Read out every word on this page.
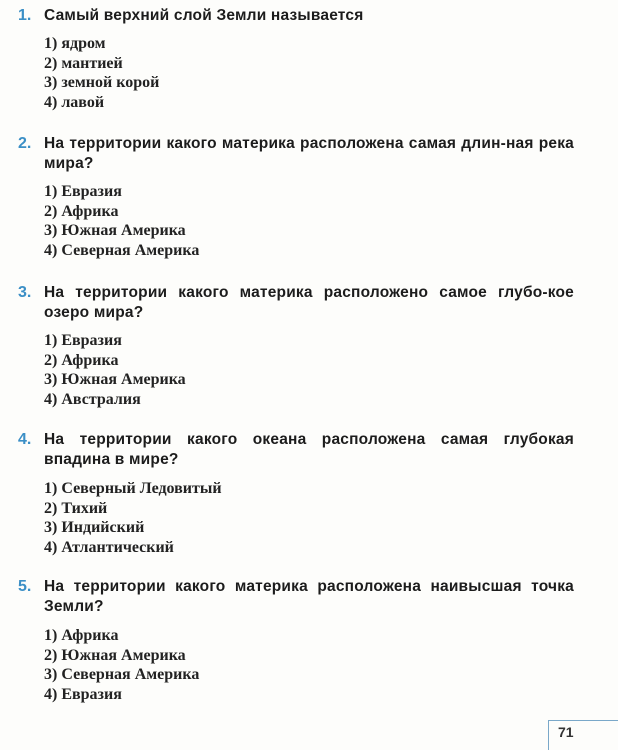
1. Самый верхний слой Земли называется
1) ядром
2) мантией
3) земной корой
4) лавой
2. На территории какого материка расположена самая длин-ная река мира?
1) Евразия
2) Африка
3) Южная Америка
4) Северная Америка
3. На территории какого материка расположено самое глубо-кое озеро мира?
1) Евразия
2) Африка
3) Южная Америка
4) Австралия
4. На территории какого океана расположена самая глубокая впадина в мире?
1) Северный Ледовитый
2) Тихий
3) Индийский
4) Атлантический
5. На территории какого материка расположена наивысшая точка Земли?
1) Африка
2) Южная Америка
3) Северная Америка
4) Евразия
71
